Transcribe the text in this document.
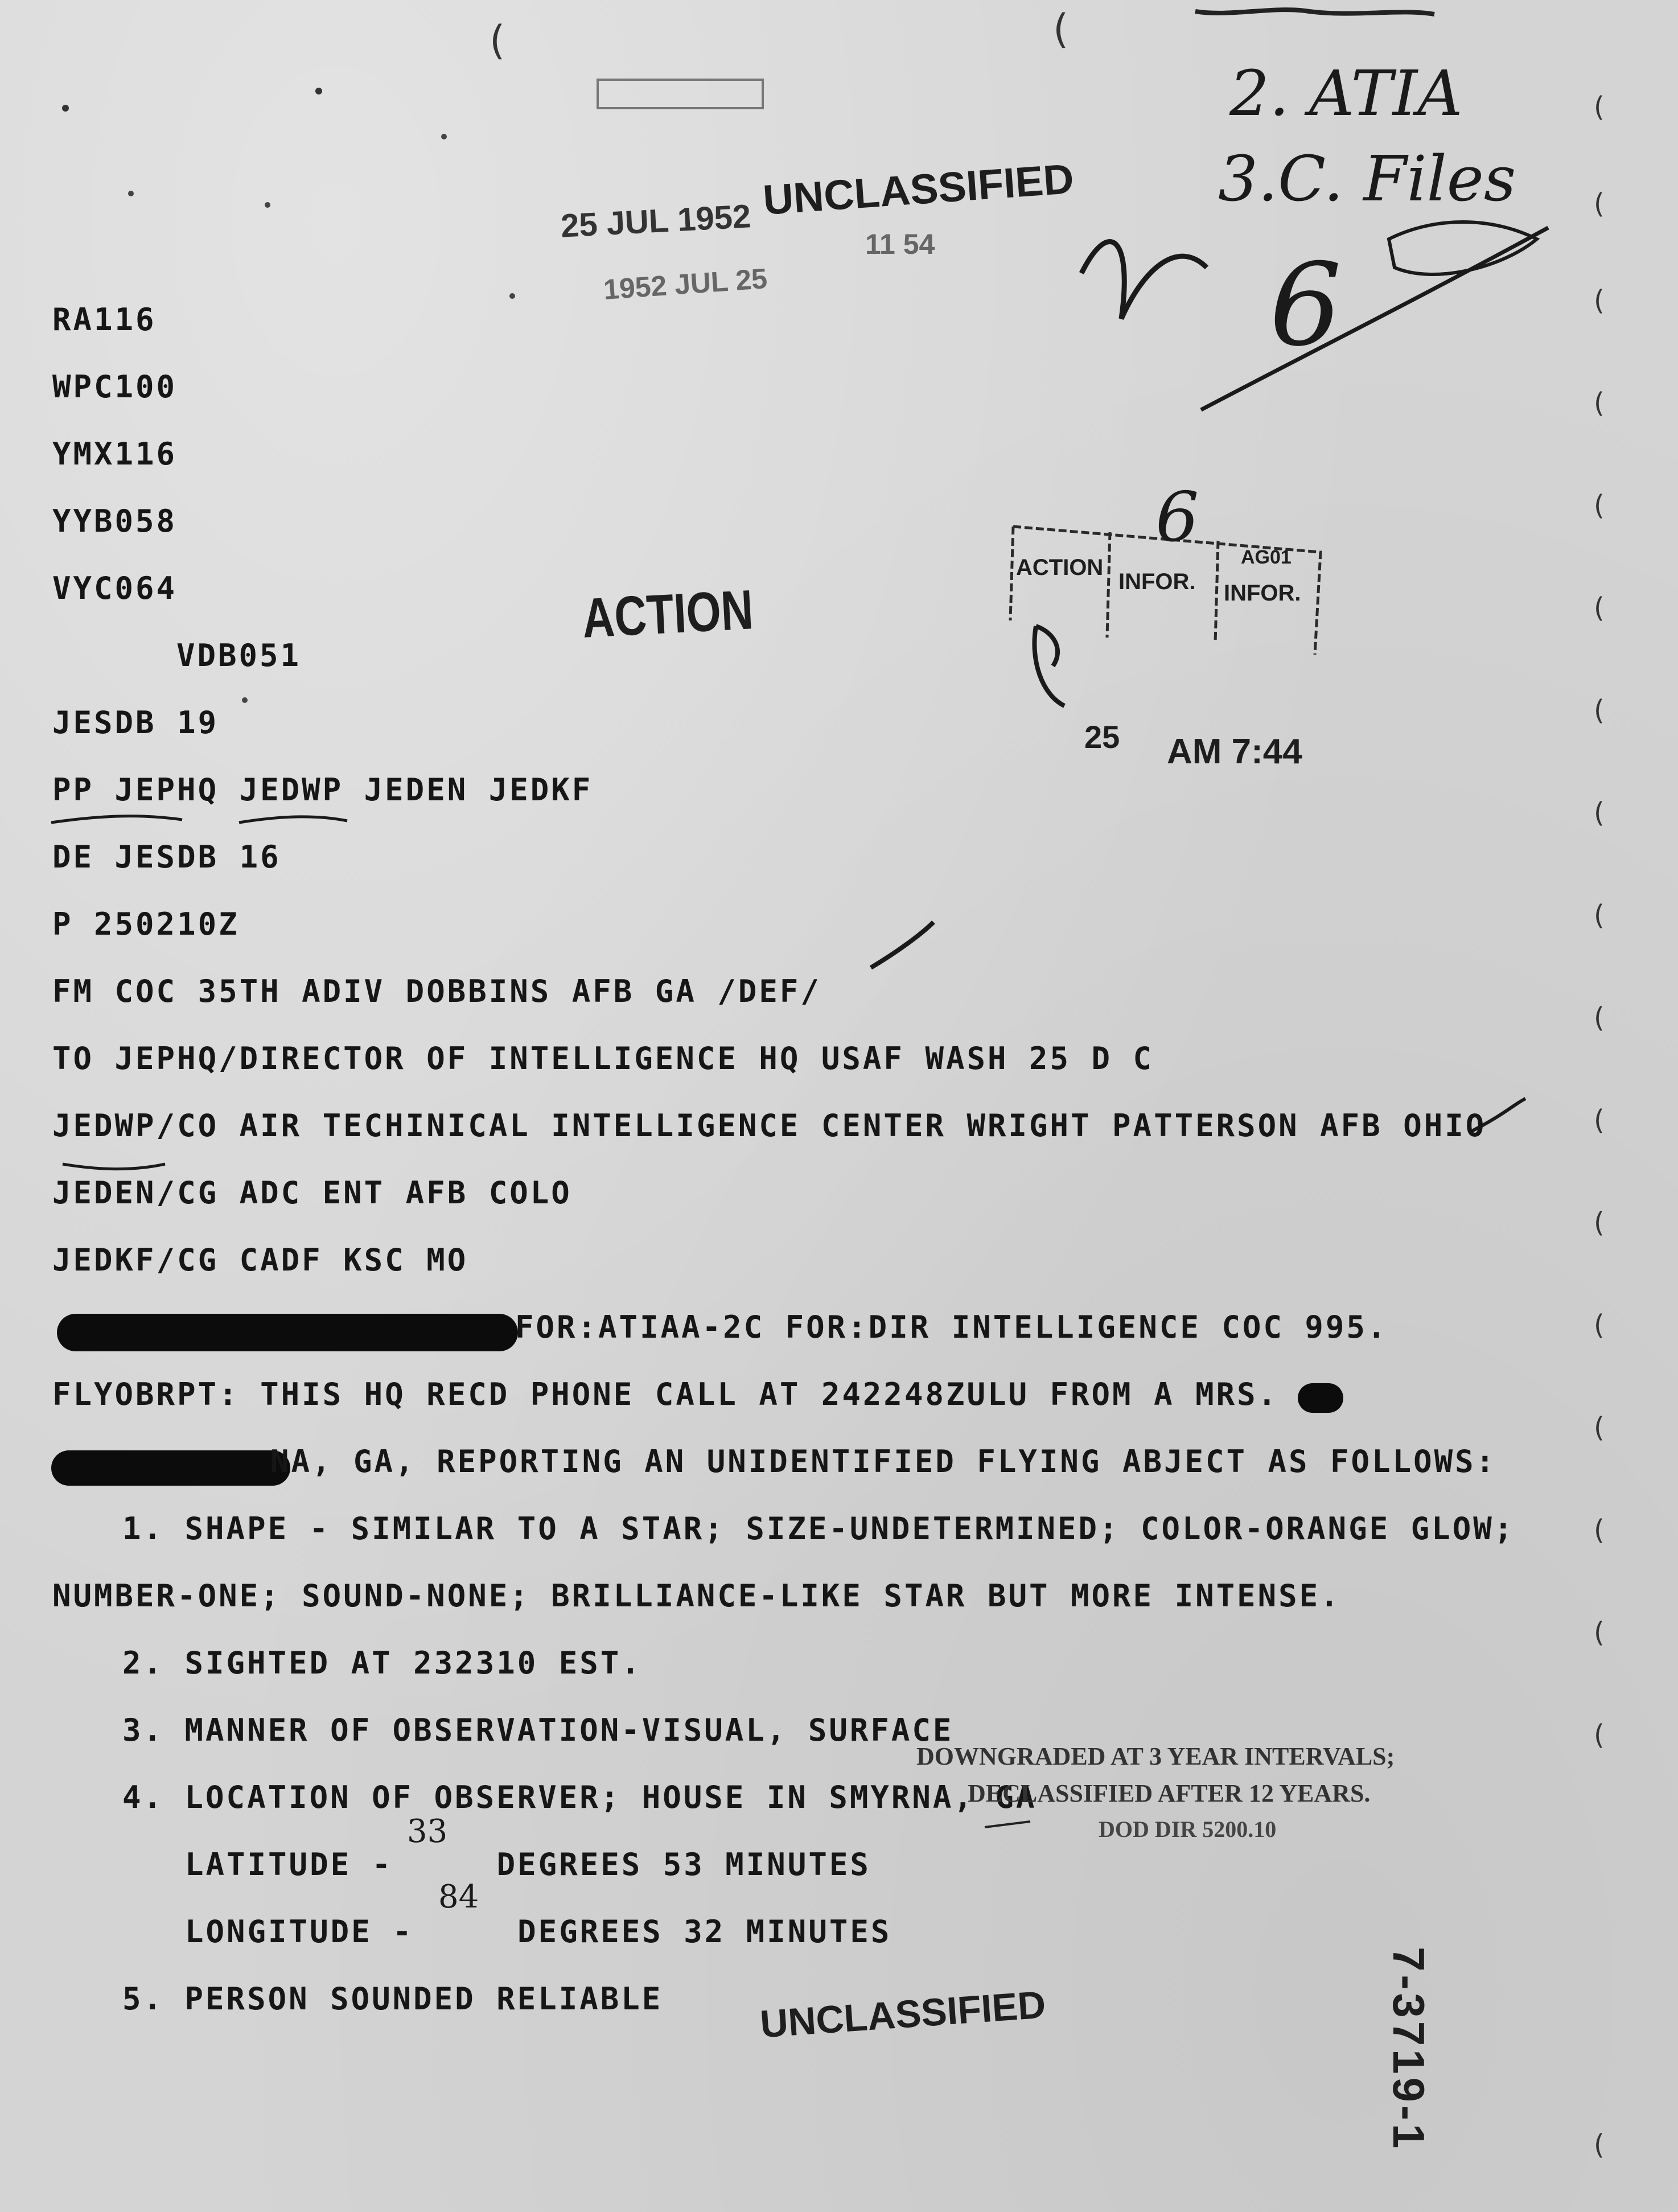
RA116
WPC100
YMX116
YYB058
VYC064
VDB051
JESDB 19
PP JEPHQ JEDWP JEDEN JEDKF
DE JESDB 16
P 250210Z
FM COC 35TH ADIV DOBBINS AFB GA /DEF/
TO JEPHQ/DIRECTOR OF INTELLIGENCE HQ USAF WASH 25 D C
JEDWP/CO AIR TECHINICAL INTELLIGENCE CENTER WRIGHT PATTERSON AFB OHIO
JEDEN/CG ADC ENT AFB COLO
JEDKF/CG CADF KSC MO
FOR:ATIAA-2C FOR:DIR INTELLIGENCE COC 995.
FLYOBRPT: THIS HQ RECD PHONE CALL AT 242248ZULU FROM A MRS.
NA, GA, REPORTING AN UNIDENTIFIED FLYING ABJECT AS FOLLOWS:
1. SHAPE - SIMILAR TO A STAR; SIZE-UNDETERMINED; COLOR-ORANGE GLOW;
NUMBER-ONE; SOUND-NONE; BRILLIANCE-LIKE STAR BUT MORE INTENSE.
2. SIGHTED AT 232310 EST.
3. MANNER OF OBSERVATION-VISUAL, SURFACE
4. LOCATION OF OBSERVER; HOUSE IN SMYRNA, GA
LATITUDE -     DEGREES 53 MINUTES
33
LONGITUDE -     DEGREES 32 MINUTES
84
5. PERSON SOUNDED RELIABLE
25 JUL 1952 UNCLASSIFIED
1952 JUL 25
11 54
ACTION
ACTION
INFOR. INFOR.
AG01
25 AM 7:44
DOWNGRADED AT 3 YEAR INTERVALS;
DECLASSIFIED AFTER 12 YEARS.
DOD DIR 5200.10
UNCLASSIFIED	7-3719-1
2. ATIA
3.C. Files
6
6
(
(
(
(
(
(
(
(
(
(
(
(
(
(
(
(
(
(
(	(
